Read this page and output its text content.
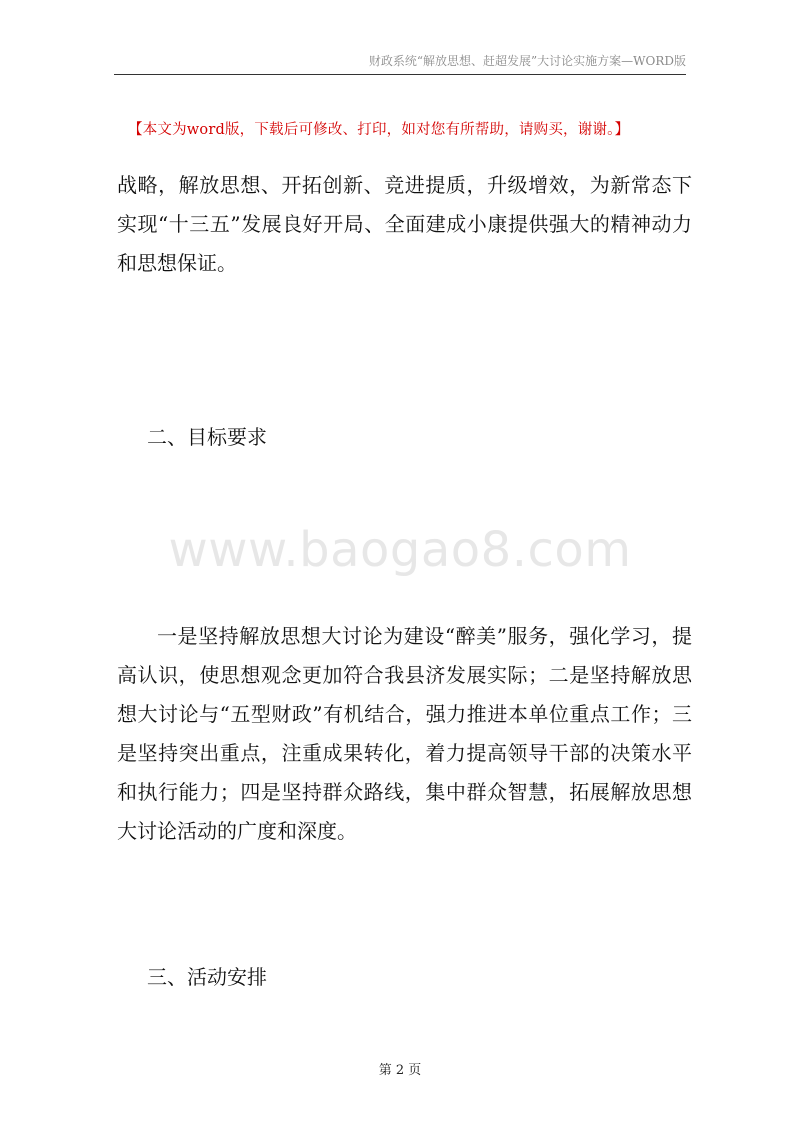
财政系统“解放思想、赶超发展”大讨论实施方案—WORD版
【本文为word版，下载后可修改、打印，如对您有所帮助，请购买，谢谢。】

战略，解放思想、开拓创新、竞进提质，升级增效，为新常态下实现“十三五”发展良好开局、全面建成小康提供强大的精神动力和思想保证。

二、目标要求

www.baogao8.com

一是坚持解放思想大讨论为建设“醉美”服务，强化学习，提高认识，使思想观念更加符合我县济发展实际；二是坚持解放思想大讨论与“五型财政”有机结合，强力推进本单位重点工作；三是坚持突出重点，注重成果转化，着力提高领导干部的决策水平和执行能力；四是坚持群众路线，集中群众智慧，拓展解放思想大讨论活动的广度和深度。

三、活动安排

第 2 页
